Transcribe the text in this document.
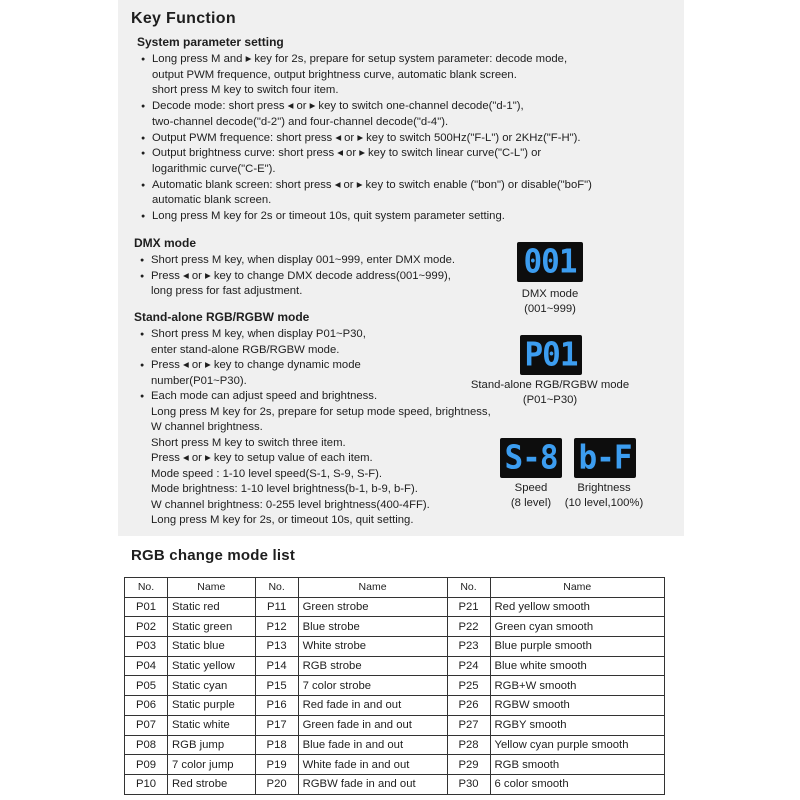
Key Function
System parameter setting
● Long press M and ▸ key for 2s, prepare for setup system parameter: decode mode,
output PWM frequence, output brightness curve, automatic blank screen.
short press M key to switch four item.
● Decode mode: short press ◂ or ▸ key to switch one-channel decode("d-1"),
two-channel decode("d-2") and four-channel decode("d-4").
● Output PWM frequence: short press ◂ or ▸ key to switch 500Hz("F-L") or 2KHz("F-H").
● Output brightness curve: short press ◂ or ▸ key to switch linear curve("C-L") or
logarithmic curve("C-E").
● Automatic blank screen: short press ◂ or ▸ key to switch enable ("bon") or disable("boF")
automatic blank screen.
● Long press M key for 2s or timeout 10s, quit system parameter setting.
DMX mode
● Short press M key, when display 001~999, enter DMX mode.
● Press ◂ or ▸ key to change DMX decode address(001~999),
long press for fast adjustment.
Stand-alone RGB/RGBW mode
● Short press M key, when display P01~P30,
enter stand-alone RGB/RGBW mode.
● Press ◂ or ▸ key to change dynamic mode
number(P01~P30).
● Each mode can adjust speed and brightness.
Long press M key for 2s, prepare for setup mode speed, brightness,
W channel brightness.
Short press M key to switch three item.
Press ◂ or ▸ key to setup value of each item.
Mode speed : 1-10 level speed(S-1, S-9, S-F).
Mode brightness: 1-10 level brightness(b-1, b-9, b-F).
W channel brightness: 0-255 level brightness(400-4FF).
Long press M key for 2s, or timeout 10s, quit setting.
001
DMX mode
(001~999)
P01
Stand-alone RGB/RGBW mode
(P01~P30)
S-8
Speed
(8 level)
b-F
Brightness
(10 level,100%)
RGB change mode list
No.	Name	No.	Name	No.	Name
P01	Static red	P11	Green strobe	P21	Red yellow smooth
P02	Static green	P12	Blue strobe	P22	Green cyan smooth
P03	Static blue	P13	White strobe	P23	Blue purple smooth
P04	Static yellow	P14	RGB strobe	P24	Blue white smooth
P05	Static cyan	P15	7 color strobe	P25	RGB+W smooth
P06	Static purple	P16	Red fade in and out	P26	RGBW smooth
P07	Static white	P17	Green fade in and out	P27	RGBY smooth
P08	RGB jump	P18	Blue fade in and out	P28	Yellow cyan purple smooth
P09	7 color jump	P19	White fade in and out	P29	RGB smooth
P10	Red strobe	P20	RGBW fade in and out	P30	6 color smooth
